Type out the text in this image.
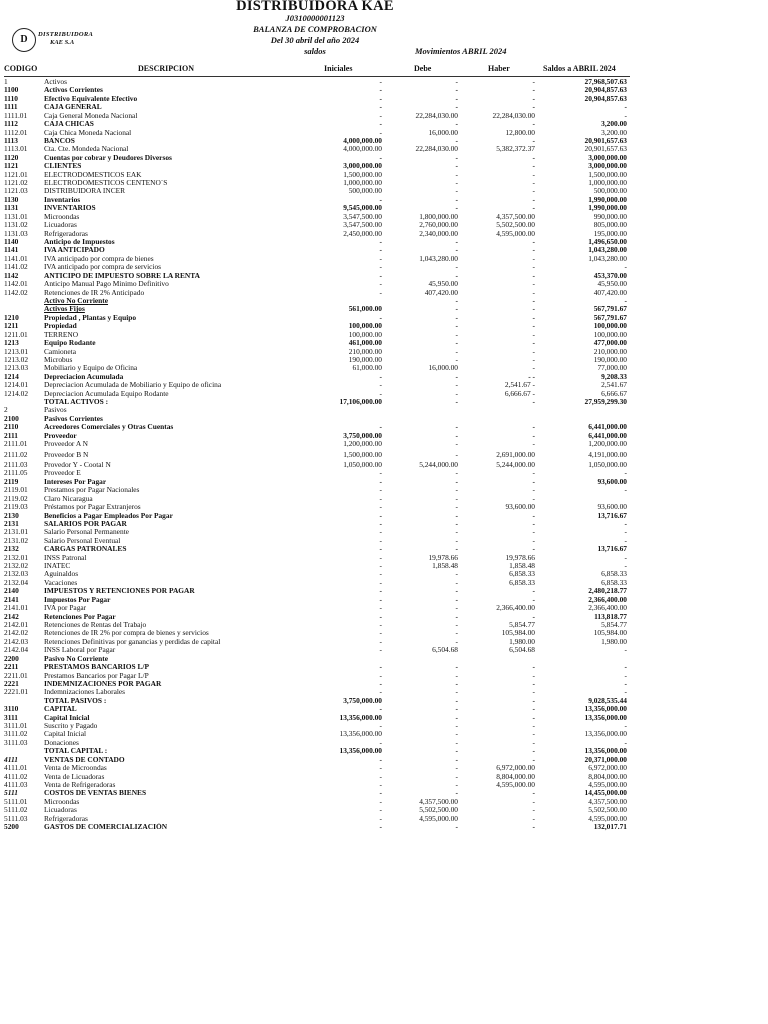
D	DISTRIBUIDORA
KAE S.A
DISTRIBUIDORA KAE
J0310000001123
BALANZA DE COMPROBACION
Del 30 abril del año 2024
saldos	Movimientos ABRIL 2024
CODIGO	DESCRIPCION	Iniciales	Debe	Haber	Saldos a ABRIL 2024
1	Activos	-	-	-	27,968,507.63
1100	Activos Corrientes	-	-	-	20,904,857.63
1110	Efectivo Equivalente Efectivo	-	-	-	20,904,857.63
1111	CAJA GENERAL	-	-	-	-
1111.01	Caja General Moneda Nacional	-	22,284,030.00	22,284,030.00	-
1112	CAJA CHICAS	-	-	-	3,200.00
1112.01	Caja Chica Moneda Nacional	-	16,000.00	12,800.00	3,200.00
1113	BANCOS	4,000,000.00	-	-	20,901,657.63
1113.01	Cta. Cte. Mondeda Nacional	4,000,000.00	22,284,030.00	5,382,372.37	20,901,657.63
1120	Cuentas por cobrar y Deudores Diversos	-	-	-	3,000,000.00
1121	CLIENTES	3,000,000.00	-	-	3,000,000.00
1121.01	ELECTRODOMESTICOS EAK	1,500,000.00	-	-	1,500,000.00
1121.02	ELECTRODOMESTICOS CENTENO´S	1,000,000.00	-	-	1,000,000.00
1121.03	DISTRIBUIDORA INCER	500,000.00	-	-	500,000.00
1130	Inventarios	-	-	-	1,990,000.00
1131	INVENTARIOS	9,545,000.00	-	-	1,990,000.00
1131.01	Microondas	3,547,500.00	1,800,000.00	4,357,500.00	990,000.00
1131.02	Licuadoras	3,547,500.00	2,760,000.00	5,502,500.00	805,000.00
1131.03	Refrigeradoras	2,450,000.00	2,340,000.00	4,595,000.00	195,000.00
1140	Anticipo de Impuestos	-	-	-	1,496,650.00
1141	IVA ANTICIPADO	-	-	-	1,043,280.00
1141.01	IVA anticipado por compra de bienes	-	1,043,280.00	-	1,043,280.00
1141.02	IVA anticipado por compra de servicios	-	-	-	-
1142	ANTICIPO DE IMPUESTO SOBRE LA RENTA	-	-	-	453,370.00
1142.01	Anticipo Manual Pago Minimo Definitivo	-	45,950.00	-	45,950.00
1142.02	Retenciones de IR 2% Anticipado	-	407,420.00	-	407,420.00
Activo No Corriente	-	-	-
Activos Fijos	561,000.00	-	-	567,791.67
1210	Propiedad , Plantas y Equipo	-	-	-	567,791.67
1211	Propiedad	100,000.00	-	-	100,000.00
1211.01	TERRENO	100,000.00	-	-	100,000.00
1213	Equipo Rodante	461,000.00	-	-	477,000.00
1213.01	Camioneta	210,000.00	-	-	210,000.00
1213.02	Microbus	190,000.00	-	-	190,000.00
1213.03	Mobiliario y Equipo de Oficina	61,000.00	16,000.00	-	77,000.00
1214	Depreciacion Acumulada	-	-	- -	9,208.33
1214.01	Depreciacion Acumulada de Mobiliario y Equipo de oficina	-	-	2,541.67 -	2,541.67
1214.02	Depreciacion Acumulada Equipo Rodante	-	-	6,666.67 -	6,666.67
TOTAL ACTIVOS :	17,106,000.00	-	-	27,959,299.30
2	Pasivos
2100	Pasivos Corrientes
2110	Acreedores Comerciales y Otras Cuentas	-	-	-	6,441,000.00
2111	Proveedor	3,750,000.00	-	-	6,441,000.00
2111.01	Proveedor A N	1,200,000.00	-	-	1,200,000.00
2111.02	Proveedor B N	1,500,000.00	-	2,691,000.00	4,191,000.00
2111.03	Provedor Y - Cootal N	1,050,000.00	5,244,000.00	5,244,000.00	1,050,000.00
2111.05	Proveedor E	-	-	-	-
2119	Intereses Por Pagar	-	-	-	93,600.00
2119.01	Prestamos por Pagar Nacionales	-	-	-	-
2119.02	Claro Nicaragua	-	-	-
2119.03	Préstamos por Pagar Extranjeros	-	-	93,600.00	93,600.00
2130	Beneficios a Pagar Empleados Por Pagar	-	-	-	13,716.67
2131	SALARIOS POR PAGAR	-	-	-	-
2131.01	Salario Personal Permanente	-	-	-	-
2131.02	Salario Personal Eventual	-	-	-	-
2132	CARGAS PATRONALES	-	-	-	13,716.67
2132.01	INSS Patronal	-	19,978.66	19,978.66	-
2132.02	INATEC	-	1,858.48	1,858.48	-
2132.03	Aguinaldos	-	-	6,858.33	6,858.33
2132.04	Vacaciones	-	-	6,858.33	6,858.33
2140	IMPUESTOS Y RETENCIONES POR PAGAR	-	-	-	2,480,218.77
2141	Impuestos Por Pagar	-	-	-	2,366,400.00
2141.01	IVA por Pagar	-	-	2,366,400.00	2,366,400.00
2142	Retenciones Por Pagar	-	-	-	113,818.77
2142.01	Retenciones de Rentas del Trabajo	-	-	5,854.77	5,854.77
2142.02	Retenciones de IR 2% por compra de bienes y servicios	-	-	105,984.00	105,984.00
2142.03	Retenciones Definitivas por ganancias y perdidas de capital	-	-	1,980.00	1,980.00
2142.04	INSS Laboral por Pagar	-	6,504.68	6,504.68	-
2200	Pasivo No Corriente
2211	PRESTAMOS BANCARIOS L/P	-	-	-	-
2211.01	Prestamos Bancarios por Pagar L/P	-	-	-	-
2221	INDEMNIZACIONES POR PAGAR	-	-	-	-
2221.01	Indemnizaciones Laborales	-	-	-	-
TOTAL PASIVOS :	3,750,000.00	-	-	9,028,535.44
3110	CAPITAL	-	-	-	13,356,000.00
3111	Capital Inicial	13,356,000.00	-	-	13,356,000.00
3111.01	Suscrito y Pagado	-	-	-	-
3111.02	Capital Inicial	13,356,000.00	-	-	13,356,000.00
3111.03	Donaciones	-	-	-	-
TOTAL CAPITAL :	13,356,000.00	-	-	13,356,000.00
4111	VENTAS DE CONTADO	-	-	-	20,371,000.00
4111.01	Venta de Microondas	-	-	6,972,000.00	6,972,000.00
4111.02	Venta de Licuadoras	-	-	8,804,000.00	8,804,000.00
4111.03	Venta de Refrigeradoras	-	-	4,595,000.00	4,595,000.00
5111	COSTOS DE VENTAS BIENES	-	-	-	14,455,000.00
5111.01	Microondas	-	4,357,500.00	-	4,357,500.00
5111.02	Licuadoras	-	5,502,500.00	-	5,502,500.00
5111.03	Refrigeradoras	-	4,595,000.00	-	4,595,000.00
5200	GASTOS DE COMERCIALIZACIÓN	-	-	-	132,017.71
